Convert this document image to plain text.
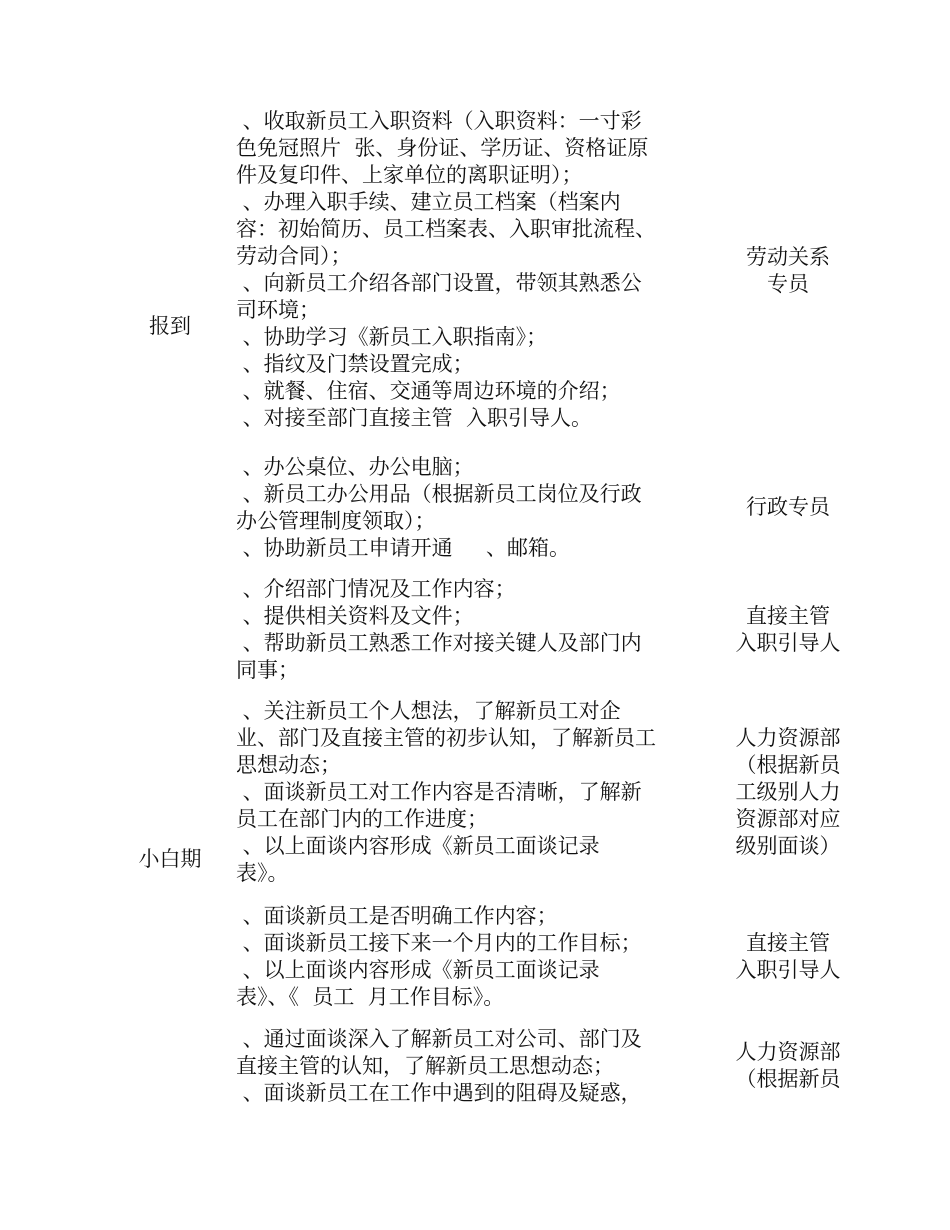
报到
小白期
、收取新员工入职资料（入职资料：一寸彩
色免冠照片  张、身份证、学历证、资格证原
件及复印件、上家单位的离职证明）；
、办理入职手续、建立员工档案（档案内
容：初始简历、员工档案表、入职审批流程、
劳动合同）；
、向新员工介绍各部门设置，带领其熟悉公
司环境；
、协助学习《新员工入职指南》；
、指纹及门禁设置完成；
、就餐、住宿、交通等周边环境的介绍；
、对接至部门直接主管  入职引导人。
劳动关系
专员
、办公桌位、办公电脑；
、新员工办公用品（根据新员工岗位及行政
办公管理制度领取）；
、协助新员工申请开通     、邮箱。
行政专员
、介绍部门情况及工作内容；
、提供相关资料及文件；
、帮助新员工熟悉工作对接关键人及部门内
同事；
直接主管
入职引导人
、关注新员工个人想法，了解新员工对企
业、部门及直接主管的初步认知，了解新员工
思想动态；
、面谈新员工对工作内容是否清晰，了解新
员工在部门内的工作进度；
、以上面谈内容形成《新员工面谈记录
表》。
人力资源部
（根据新员
工级别人力
资源部对应
级别面谈）
、面谈新员工是否明确工作内容；
、面谈新员工接下来一个月内的工作目标；
、以上面谈内容形成《新员工面谈记录
表》、《  员工  月工作目标》。
直接主管
入职引导人
、通过面谈深入了解新员工对公司、部门及
直接主管的认知，了解新员工思想动态；
、面谈新员工在工作中遇到的阻碍及疑惑，
人力资源部
（根据新员
